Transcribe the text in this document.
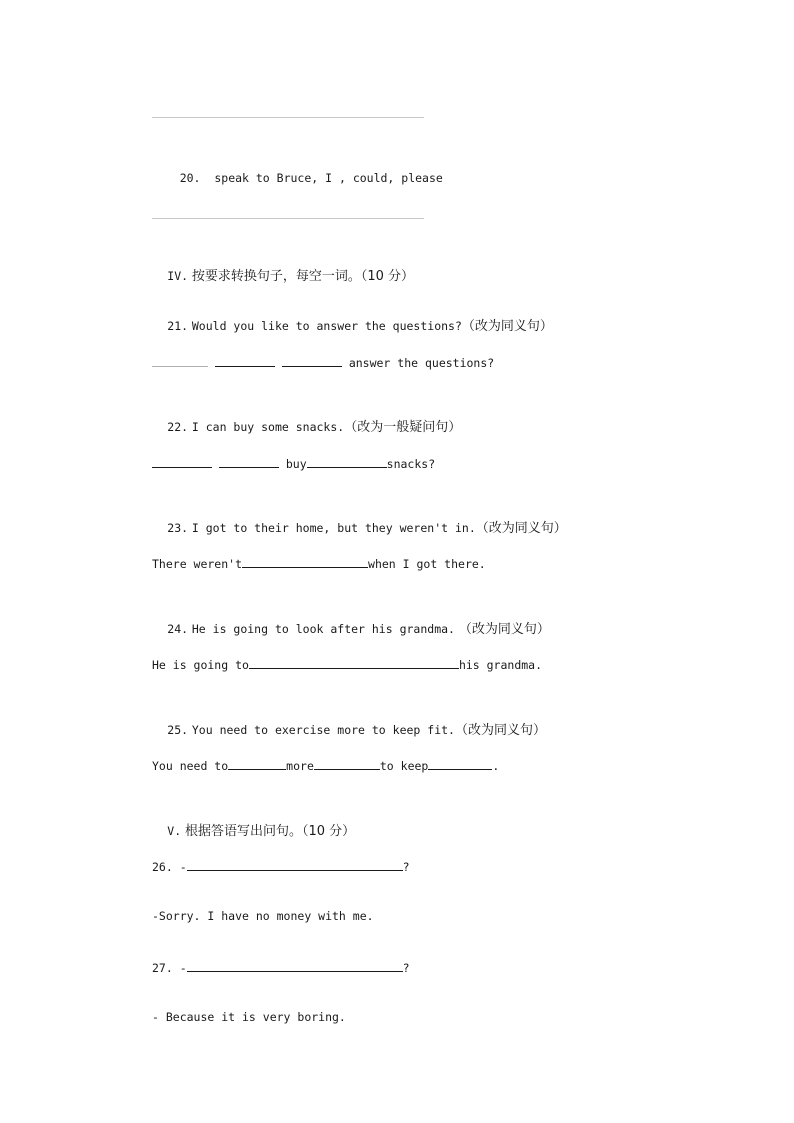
20. speak to Bruce, I , could, please

IV. 按要求转换句子，每空一词。（10 分）

21. Would you like to answer the questions?（改为同义句）

answer the questions?

22. I can buy some snacks.（改为一般疑问句）

buy	snacks?

23. I got to their home, but they weren't in.（改为同义句）

There weren't	when I got there.

24. He is going to look after his grandma. （改为同义句）

He is going to	his grandma.

25. You need to exercise more to keep fit.（改为同义句）

You need to	more	to keep	.

V. 根据答语写出问句。（10 分）

26. -	?
-Sorry. I have no money with me.
27. -	?
- Because it is very boring.
